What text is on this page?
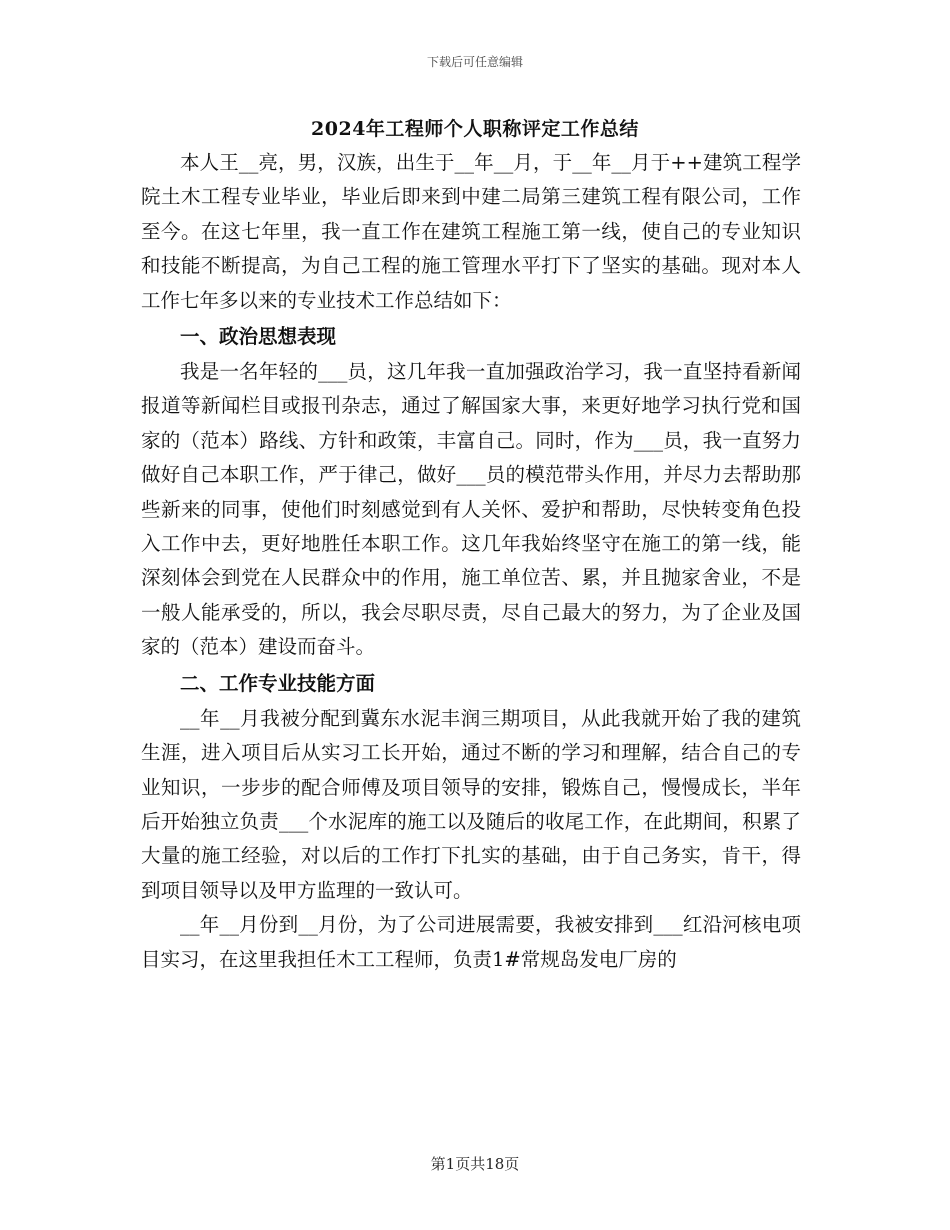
下载后可任意编辑
2024年工程师个人职称评定工作总结

本人王__亮，男，汉族，出生于__年__月，于__年__月于++建筑工程学院土木工程专业毕业，毕业后即来到中建二局第三建筑工程有限公司，工作至今。在这七年里，我一直工作在建筑工程施工第一线，使自己的专业知识和技能不断提高，为自己工程的施工管理水平打下了坚实的基础。现对本人工作七年多以来的专业技术工作总结如下：

一、政治思想表现

我是一名年轻的___员，这几年我一直加强政治学习，我一直坚持看新闻报道等新闻栏目或报刊杂志，通过了解国家大事，来更好地学习执行党和国家的（范本）路线、方针和政策，丰富自己。同时，作为___员，我一直努力做好自己本职工作，严于律己，做好___员的模范带头作用，并尽力去帮助那些新来的同事，使他们时刻感觉到有人关怀、爱护和帮助，尽快转变角色投入工作中去，更好地胜任本职工作。这几年我始终坚守在施工的第一线，能深刻体会到党在人民群众中的作用，施工单位苦、累，并且抛家舍业，不是一般人能承受的，所以，我会尽职尽责，尽自己最大的努力，为了企业及国家的（范本）建设而奋斗。

二、工作专业技能方面

__年__月我被分配到冀东水泥丰润三期项目，从此我就开始了我的建筑生涯，进入项目后从实习工长开始，通过不断的学习和理解，结合自己的专业知识，一步步的配合师傅及项目领导的安排，锻炼自己，慢慢成长，半年后开始独立负责___个水泥库的施工以及随后的收尾工作，在此期间，积累了大量的施工经验，对以后的工作打下扎实的基础，由于自己务实，肯干，得到项目领导以及甲方监理的一致认可。

__年__月份到__月份，为了公司进展需要，我被安排到___红沿河核电项目实习，在这里我担任木工工程师，负责1#常规岛发电厂房的

第1页共18页
